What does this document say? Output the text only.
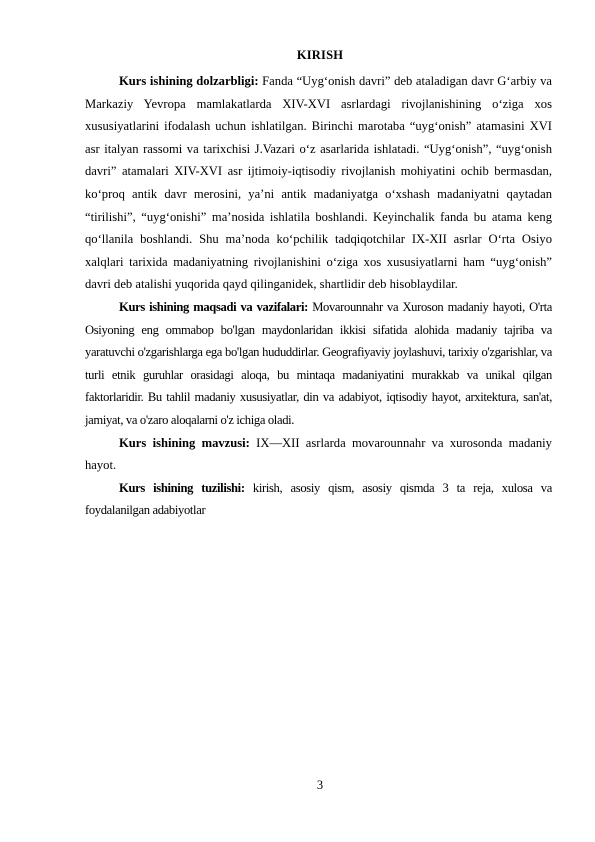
KIRISH

Kurs ishining dolzarbligi: Fanda “Uyg‘onish davri” deb ataladigan davr G‘arbiy va Markaziy Yevropa mamlakatlarda XIV-XVI asrlardagi rivojlanishining o‘ziga xos xususiyatlarini ifodalash uchun ishlatilgan. Birinchi marotaba “uyg‘onish” atamasini XVI asr italyan rassomi va tarixchisi J.Vazari o‘z asarlarida ishlatadi. “Uyg‘onish”, “uyg‘onish davri” atamalari XIV-XVI asr ijtimoiy-iqtisodiy rivojlanish mohiyatini ochib bermasdan, ko‘proq antik davr merosini, ya’ni antik madaniyatga o‘xshash madaniyatni qaytadan “tirilishi”, “uyg‘onishi” ma’nosida ishlatila boshlandi. Keyinchalik fanda bu atama keng qo‘llanila boshlandi. Shu ma’noda ko‘pchilik tadqiqotchilar IX-XII asrlar O‘rta Osiyo xalqlari tarixida madaniyatning rivojlanishini o‘ziga xos xususiyatlarni ham “uyg‘onish” davri deb atalishi yuqorida qayd qilinganidek, shartlidir deb hisoblaydilar.

Kurs ishining maqsadi va vazifalari: Movarounnahr va Xuroson madaniy hayoti, O'rta Osiyoning eng ommabop bo'lgan maydonlaridan ikkisi sifatida alohida madaniy tajriba va yaratuvchi o'zgarishlarga ega bo'lgan hududdirlar. Geografiyaviy joylashuvi, tarixiy o'zgarishlar, va turli etnik guruhlar orasidagi aloqa, bu mintaqa madaniyatini murakkab va unikal qilgan faktorlaridir. Bu tahlil madaniy xususiyatlar, din va adabiyot, iqtisodiy hayot, arxitektura, san'at, jamiyat, va o'zaro aloqalarni o'z ichiga oladi.

Kurs ishining mavzusi: IX—XII asrlarda movarounnahr va xurosonda madaniy hayot.

Kurs ishining tuzilishi: kirish, asosiy qism, asosiy qismda 3 ta reja, xulosa va foydalanilgan adabiyotlar

3
